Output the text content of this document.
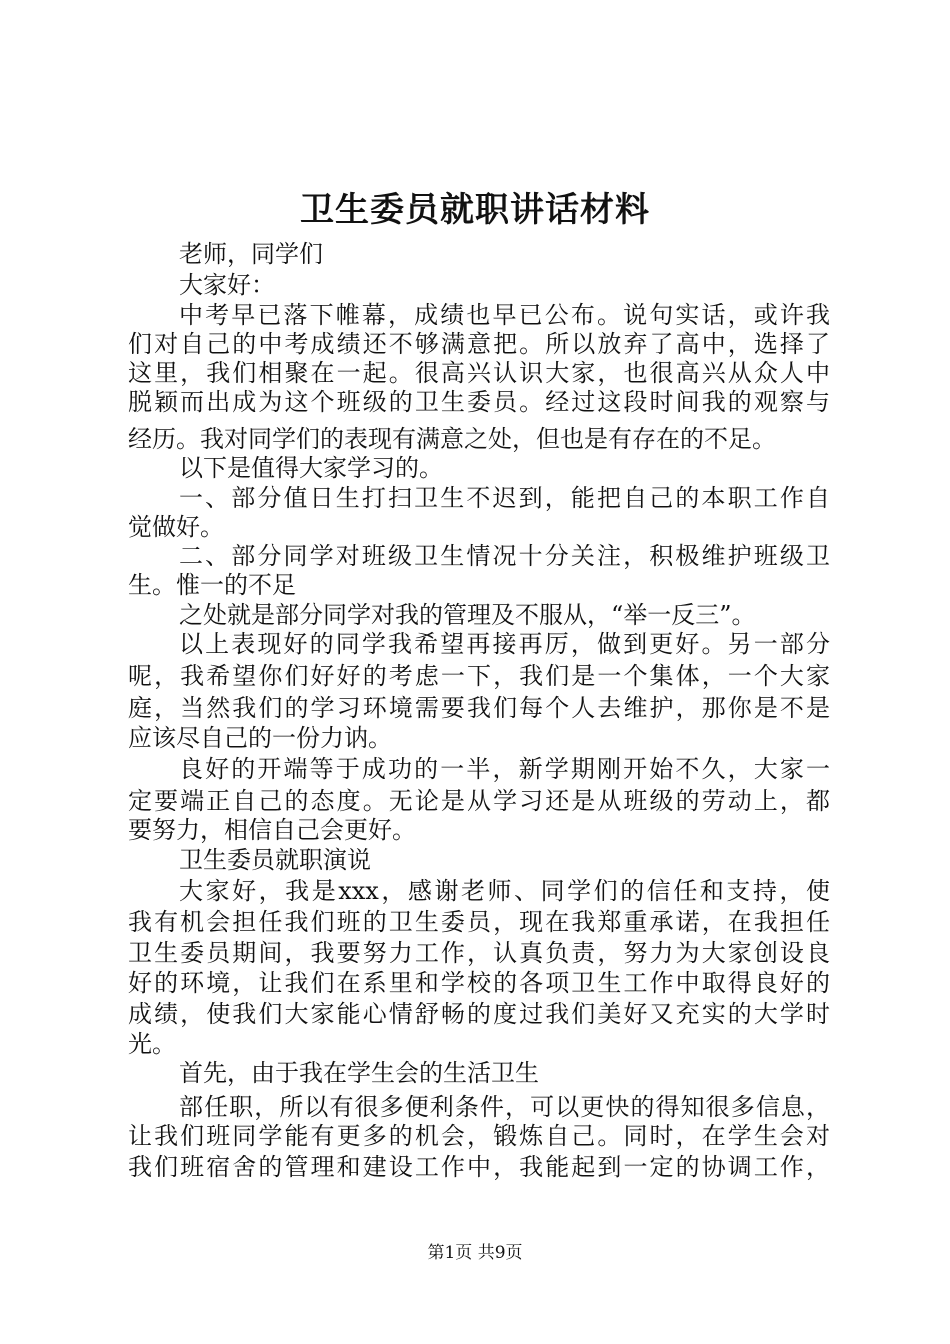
卫生委员就职讲话材料
老师，同学们
大家好：
中考早已落下帷幕，成绩也早已公布。说句实话，或许我
们对自己的中考成绩还不够满意把。所以放弃了高中，选择了
这里，我们相聚在一起。很高兴认识大家，也很高兴从众人中
脱颖而出成为这个班级的卫生委员。经过这段时间我的观察与
经历。我对同学们的表现有满意之处，但也是有存在的不足。
以下是值得大家学习的。
一、部分值日生打扫卫生不迟到，能把自己的本职工作自
觉做好。
二、部分同学对班级卫生情况十分关注，积极维护班级卫
生。惟一的不足
之处就是部分同学对我的管理及不服从，“举一反三”。
以上表现好的同学我希望再接再厉，做到更好。另一部分
呢，我希望你们好好的考虑一下，我们是一个集体，一个大家
庭，当然我们的学习环境需要我们每个人去维护，那你是不是
应该尽自己的一份力讷。
良好的开端等于成功的一半，新学期刚开始不久，大家一
定要端正自己的态度。无论是从学习还是从班级的劳动上，都
要努力，相信自己会更好。
卫生委员就职演说
大家好，我是xxx，感谢老师、同学们的信任和支持，使
我有机会担任我们班的卫生委员，现在我郑重承诺，在我担任
卫生委员期间，我要努力工作，认真负责，努力为大家创设良
好的环境，让我们在系里和学校的各项卫生工作中取得良好的
成绩，使我们大家能心情舒畅的度过我们美好又充实的大学时
光。
首先，由于我在学生会的生活卫生
部任职，所以有很多便利条件，可以更快的得知很多信息，
让我们班同学能有更多的机会，锻炼自己。同时，在学生会对
我们班宿舍的管理和建设工作中，我能起到一定的协调工作，
第1页 共9页
